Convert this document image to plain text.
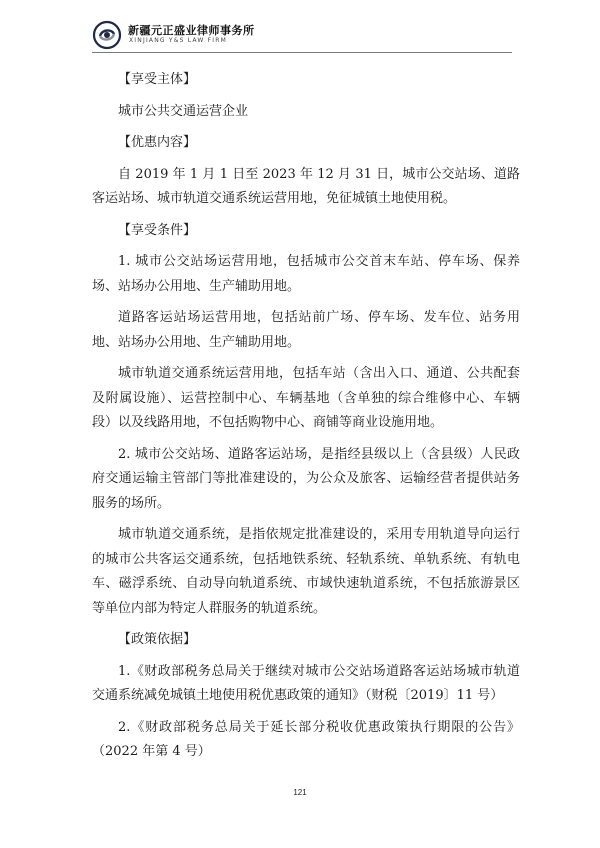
新疆元正盛业律师事务所
XINJIANG Y&S LAW FIRM

【享受主体】

城市公共交通运营企业

【优惠内容】

自 2019 年 1 月 1 日至 2023 年 12 月 31 日，城市公交站场、道路客运站场、城市轨道交通系统运营用地，免征城镇土地使用税。

【享受条件】

1. 城市公交站场运营用地，包括城市公交首末车站、停车场、保养场、站场办公用地、生产辅助用地。

道路客运站场运营用地，包括站前广场、停车场、发车位、站务用地、站场办公用地、生产辅助用地。

城市轨道交通系统运营用地，包括车站（含出入口、通道、公共配套及附属设施）、运营控制中心、车辆基地（含单独的综合维修中心、车辆段）以及线路用地，不包括购物中心、商铺等商业设施用地。

2. 城市公交站场、道路客运站场，是指经县级以上（含县级）人民政府交通运输主管部门等批准建设的，为公众及旅客、运输经营者提供站务服务的场所。

城市轨道交通系统，是指依规定批准建设的，采用专用轨道导向运行的城市公共客运交通系统，包括地铁系统、轻轨系统、单轨系统、有轨电车、磁浮系统、自动导向轨道系统、市域快速轨道系统，不包括旅游景区等单位内部为特定人群服务的轨道系统。

【政策依据】

1.《财政部税务总局关于继续对城市公交站场道路客运站场城市轨道交通系统减免城镇土地使用税优惠政策的通知》（财税〔2019〕11 号）

2.《财政部税务总局关于延长部分税收优惠政策执行期限的公告》（2022 年第 4 号）

121
